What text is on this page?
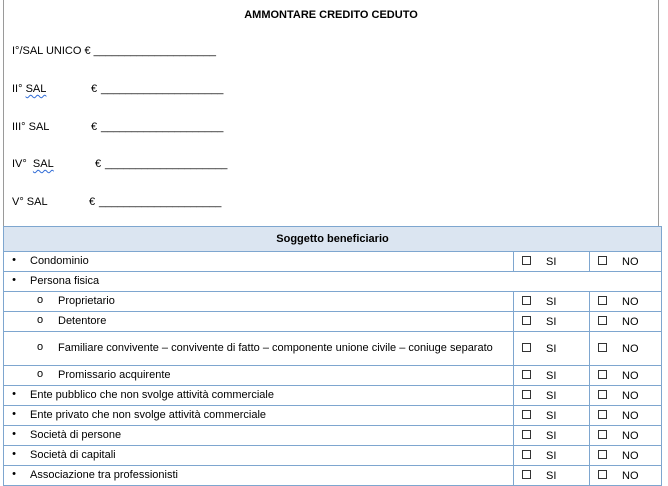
AMMONTARE CREDITO CEDUTO
I°/SAL UNICO € ____________________
II° SAL	€ ____________________
III° SAL	€ ____________________
IV° SAL	€ ____________________
V° SAL	€ ____________________
Soggetto beneficiario		

• Condominio	SI	NO

• Persona fisica		

o Proprietario	SI	NO

o Detentore	SI	NO

o Familiare convivente – convivente di fatto – componente unione civile – coniuge separato	SI	NO

o Promissario acquirente	SI	NO

• Ente pubblico che non svolge attività commerciale	SI	NO

• Ente privato che non svolge attività commerciale	SI	NO

• Società di persone	SI	NO

• Società di capitali	SI	NO

• Associazione tra professionisti	SI	NO
